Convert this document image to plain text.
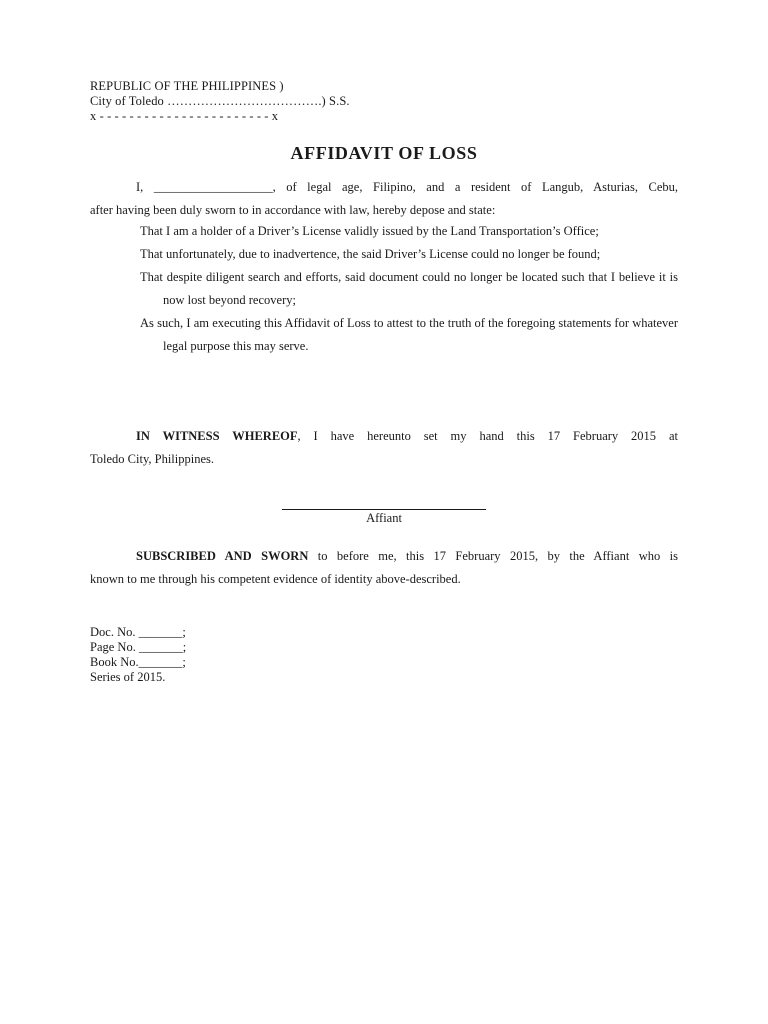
REPUBLIC OF THE PHILIPPINES )
City of Toledo ……………………………….) S.S.
x - - - - - - - - - - - - - - - - - - - - - - - x
AFFIDAVIT OF LOSS
I, ___________________, of legal age, Filipino, and a resident of Langub, Asturias, Cebu,
after having been duly sworn to in accordance with law, hereby depose and state:
That I am a holder of a Driver’s License validly issued by the Land Transportation’s Office;
That unfortunately, due to inadvertence, the said Driver’s License could no longer be found;
That despite diligent search and efforts, said document could no longer be located such that I believe it is now lost beyond recovery;
As such, I am executing this Affidavit of Loss to attest to the truth of the foregoing statements for whatever legal purpose this may serve.
IN WITNESS WHEREOF, I have hereunto set my hand this 17 February 2015 at
Toledo City, Philippines.
Affiant
SUBSCRIBED AND SWORN to before me, this 17 February 2015, by the Affiant who is
known to me through his competent evidence of identity above-described.
Doc. No. _______;
Page No. _______;
Book No._______;
Series of 2015.
